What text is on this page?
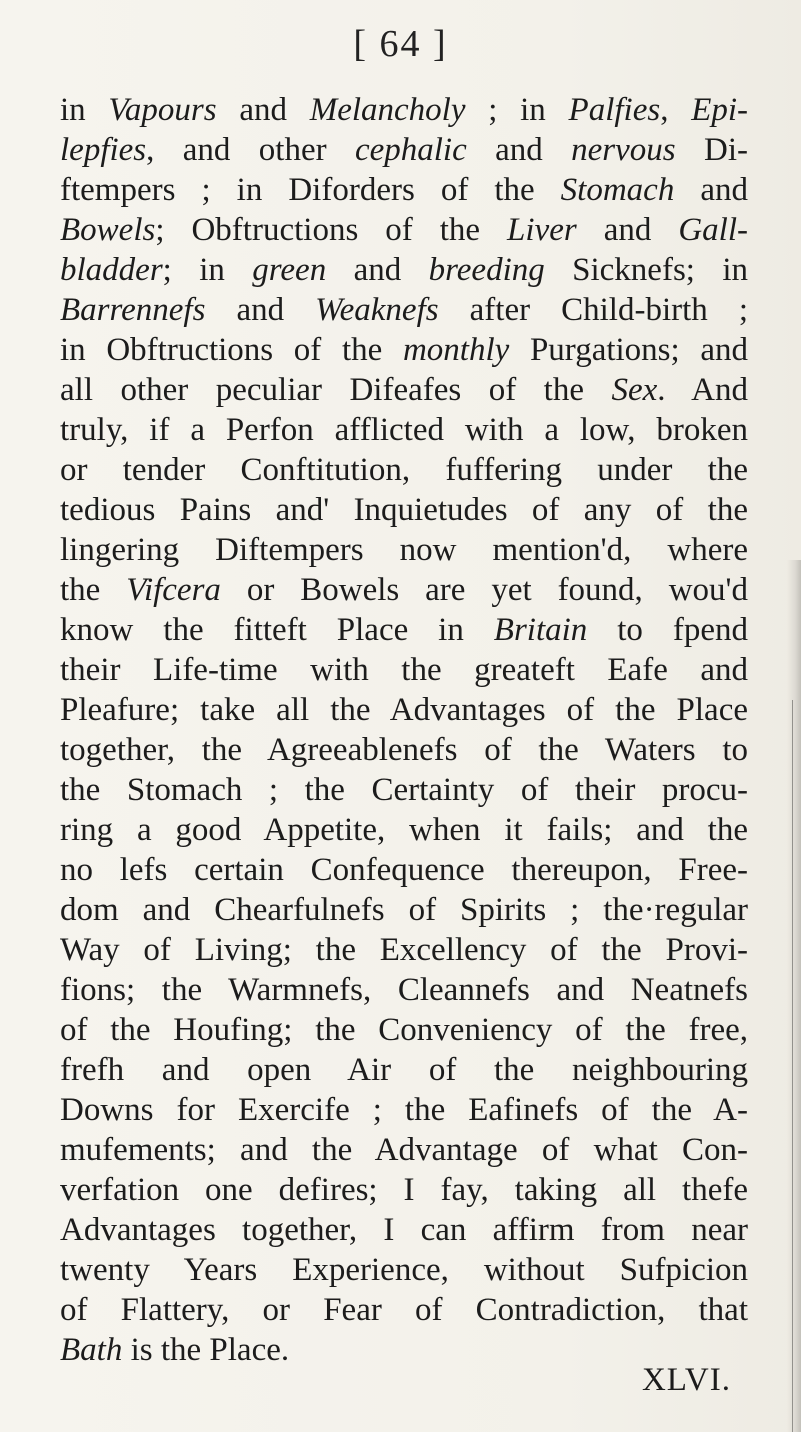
[ 64 ]
in Vapours and Melancholy ; in Palfies, Epi-
lepfies, and other cephalic and nervous Di-
ftempers ; in Diforders of the Stomach and
Bowels; Obftructions of the Liver and Gall-
bladder; in green and breeding Sicknefs; in
Barrennefs and Weaknefs after Child-birth ;
in Obftructions of the monthly Purgations; and
all other peculiar Difeafes of the Sex. And
truly, if a Perfon afflicted with a low, broken
or tender Conftitution, fuffering under the
tedious Pains and' Inquietudes of any of the
lingering Diftempers now mention'd, where
the Vifcera or Bowels are yet found, wou'd
know the fitteft Place in Britain to fpend
their Life-time with the greateft Eafe and
Pleafure; take all the Advantages of the Place
together, the Agreeablenefs of the Waters to
the Stomach ; the Certainty of their procu-
ring a good Appetite, when it fails; and the
no lefs certain Confequence thereupon, Free-
dom and Chearfulnefs of Spirits ; the·regular
Way of Living; the Excellency of the Provi-
fions; the Warmnefs, Cleannefs and Neatnefs
of the Houfing; the Conveniency of the free,
frefh and open Air of the neighbouring
Downs for Exercife ; the Eafinefs of the A-
mufements; and the Advantage of what Con-
verfation one defires; I fay, taking all thefe
Advantages together, I can affirm from near
twenty Years Experience, without Sufpicion
of Flattery, or Fear of Contradiction, that
Bath is the Place.
XLVI.
